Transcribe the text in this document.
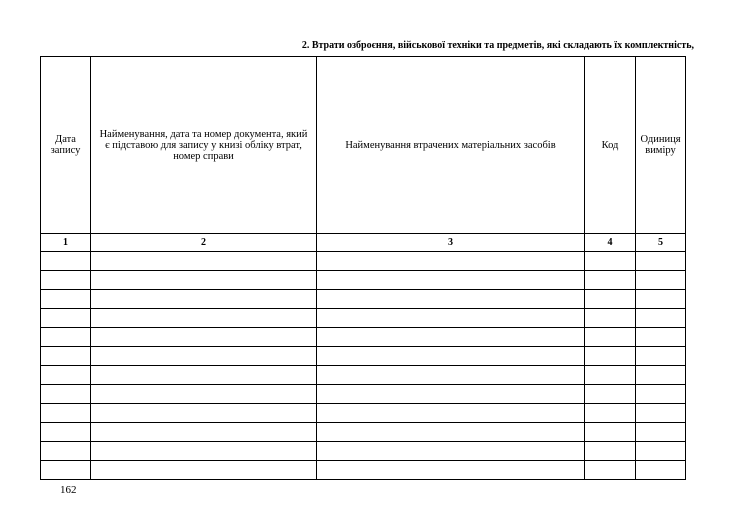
2. Втрати озброєння, військової техніки та предметів, які складають їх комплектність,
Дата запису	Найменування, дата та номер документа, який є підставою для запису у книзі обліку втрат, номер справи	Найменування втрачених матеріальних засобів	Код	Одиниця виміру
1	2	3	4	5

162
